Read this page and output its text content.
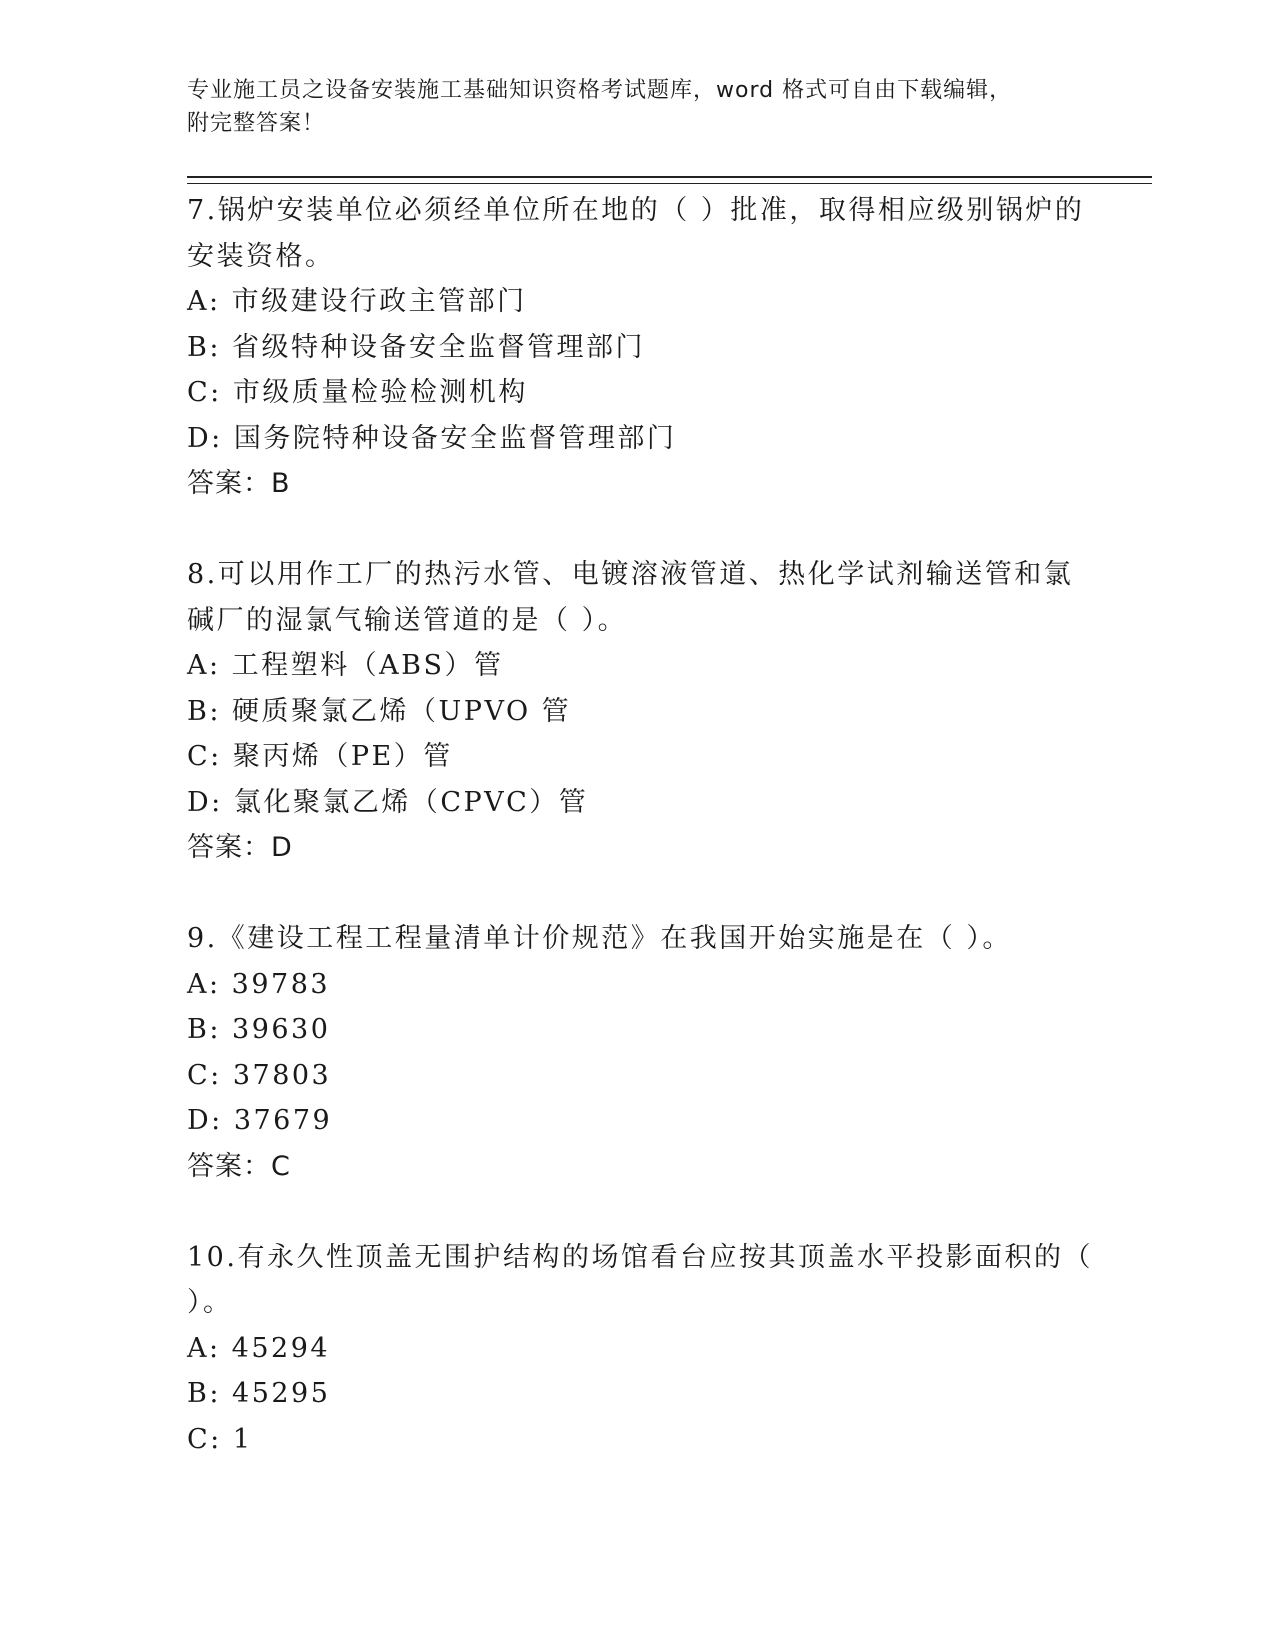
专业施工员之设备安装施工基础知识资格考试题库，word 格式可自由下载编辑，
附完整答案！
7.锅炉安装单位必须经单位所在地的（ ）批准，取得相应级别锅炉的
安装资格。
A: 市级建设行政主管部门
B: 省级特种设备安全监督管理部门
C: 市级质量检验检测机构
D: 国务院特种设备安全监督管理部门
答案：B
8.可以用作工厂的热污水管、电镀溶液管道、热化学试剂输送管和氯
碱厂的湿氯气输送管道的是（ ）。
A: 工程塑料（ABS）管
B: 硬质聚氯乙烯（UPVO 管
C: 聚丙烯（PE）管
D: 氯化聚氯乙烯（CPVC）管
答案：D
9.《建设工程工程量清单计价规范》在我国开始实施是在（ ）。
A: 39783
B: 39630
C: 37803
D: 37679
答案：C
10.有永久性顶盖无围护结构的场馆看台应按其顶盖水平投影面积的（
）。
A: 45294
B: 45295
C: 1
